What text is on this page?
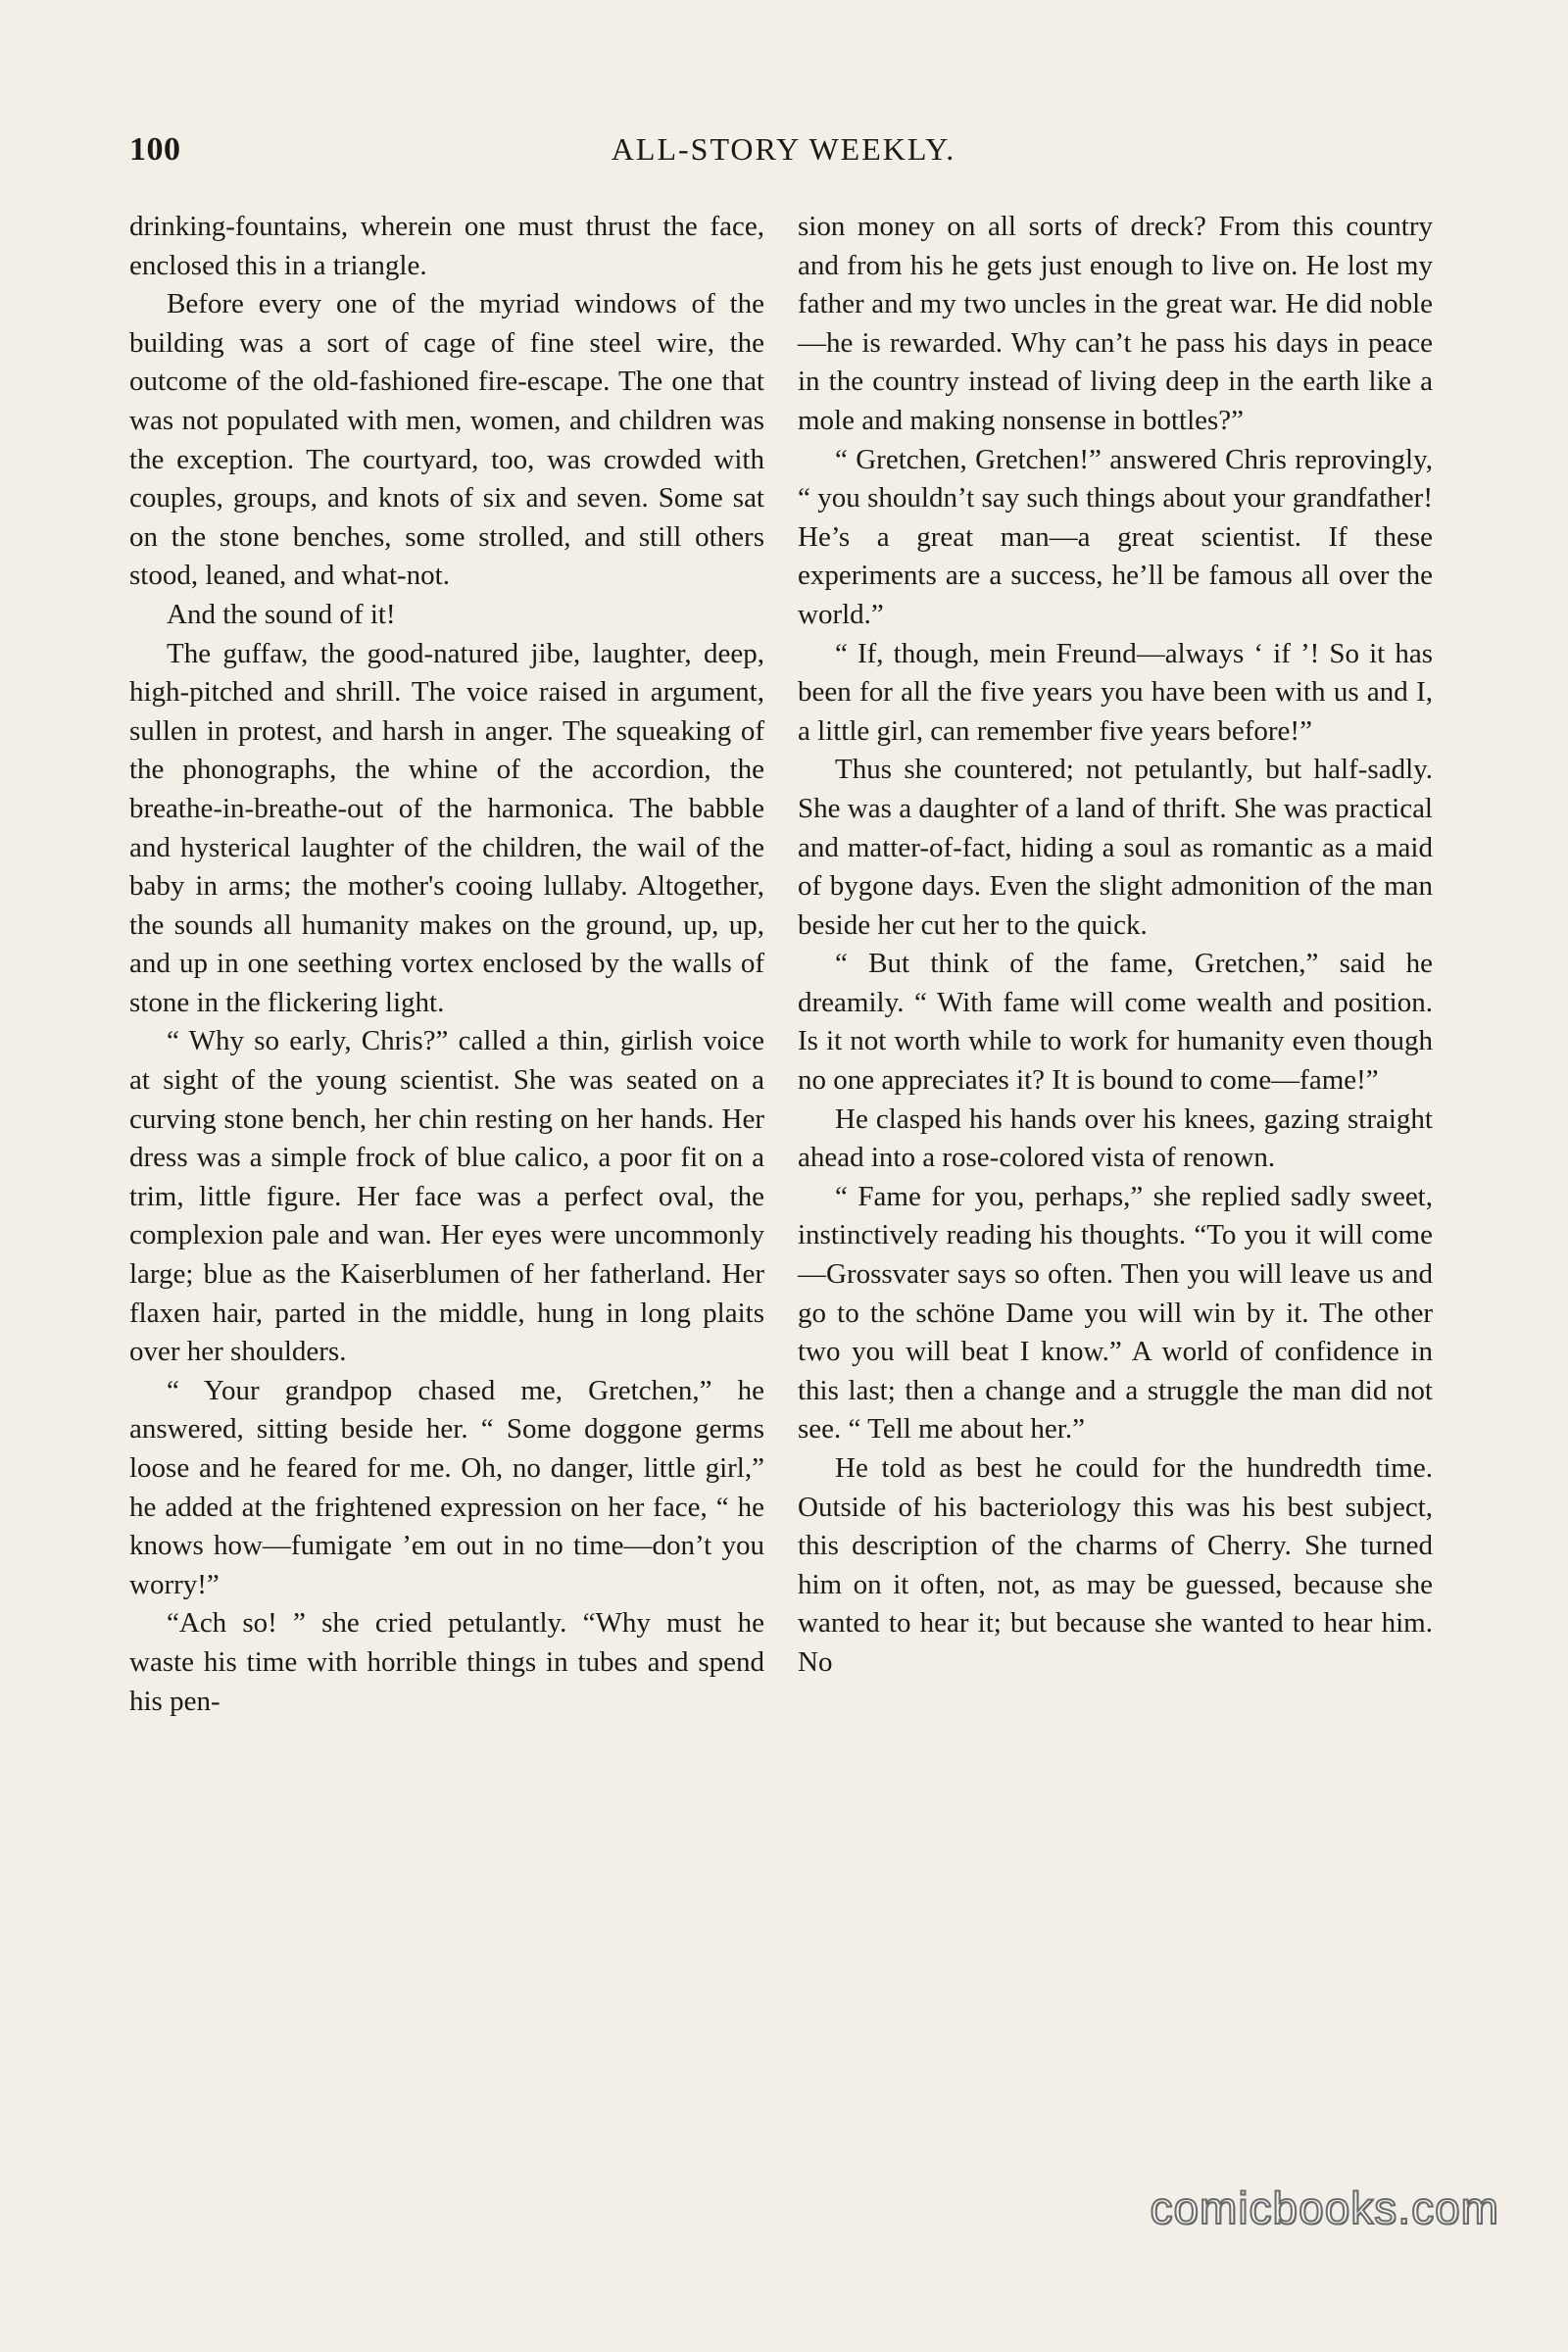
100	ALL-STORY WEEKLY.

drinking-fountains, wherein one must thrust the face, enclosed this in a triangle.

Before every one of the myriad windows of the building was a sort of cage of fine steel wire, the outcome of the old-fashioned fire-escape. The one that was not populated with men, women, and children was the exception. The courtyard, too, was crowded with couples, groups, and knots of six and seven. Some sat on the stone benches, some strolled, and still others stood, leaned, and what-not.

And the sound of it!

The guffaw, the good-natured jibe, laughter, deep, high-pitched and shrill. The voice raised in argument, sullen in protest, and harsh in anger. The squeaking of the phonographs, the whine of the accordion, the breathe-in-breathe-out of the harmonica. The babble and hysterical laughter of the children, the wail of the baby in arms; the mother's cooing lullaby. Altogether, the sounds all humanity makes on the ground, up, up, and up in one seething vortex enclosed by the walls of stone in the flickering light.

“ Why so early, Chris?” called a thin, girlish voice at sight of the young scientist. She was seated on a curving stone bench, her chin resting on her hands. Her dress was a simple frock of blue calico, a poor fit on a trim, little figure. Her face was a perfect oval, the complexion pale and wan. Her eyes were uncommonly large; blue as the Kaiserblumen of her fatherland. Her flaxen hair, parted in the middle, hung in long plaits over her shoulders.

“ Your grandpop chased me, Gretchen,” he answered, sitting beside her. “ Some doggone germs loose and he feared for me. Oh, no danger, little girl,” he added at the frightened expression on her face, “ he knows how—fumigate ’em out in no time—don’t you worry!”

“Ach so! ” she cried petulantly. “Why must he waste his time with horrible things in tubes and spend his pen-

sion money on all sorts of dreck? From this country and from his he gets just enough to live on. He lost my father and my two uncles in the great war. He did noble—he is rewarded. Why can’t he pass his days in peace in the country instead of living deep in the earth like a mole and making nonsense in bottles?”

“ Gretchen, Gretchen!” answered Chris reprovingly, “ you shouldn’t say such things about your grandfather! He’s a great man—a great scientist. If these experiments are a success, he’ll be famous all over the world.”

“ If, though, mein Freund—always ‘ if ’! So it has been for all the five years you have been with us and I, a little girl, can remember five years before!”

Thus she countered; not petulantly, but half-sadly. She was a daughter of a land of thrift. She was practical and matter-of-fact, hiding a soul as romantic as a maid of bygone days. Even the slight admonition of the man beside her cut her to the quick.

“ But think of the fame, Gretchen,” said he dreamily. “ With fame will come wealth and position. Is it not worth while to work for humanity even though no one appreciates it? It is bound to come—fame!”

He clasped his hands over his knees, gazing straight ahead into a rose-colored vista of renown.

“ Fame for you, perhaps,” she replied sadly sweet, instinctively reading his thoughts. “To you it will come—Grossvater says so often. Then you will leave us and go to the schöne Dame you will win by it. The other two you will beat I know.” A world of confidence in this last; then a change and a struggle the man did not see. “ Tell me about her.”

He told as best he could for the hundredth time. Outside of his bacteriology this was his best subject, this description of the charms of Cherry. She turned him on it often, not, as may be guessed, because she wanted to hear it; but because she wanted to hear him. No

comicbooks.com
